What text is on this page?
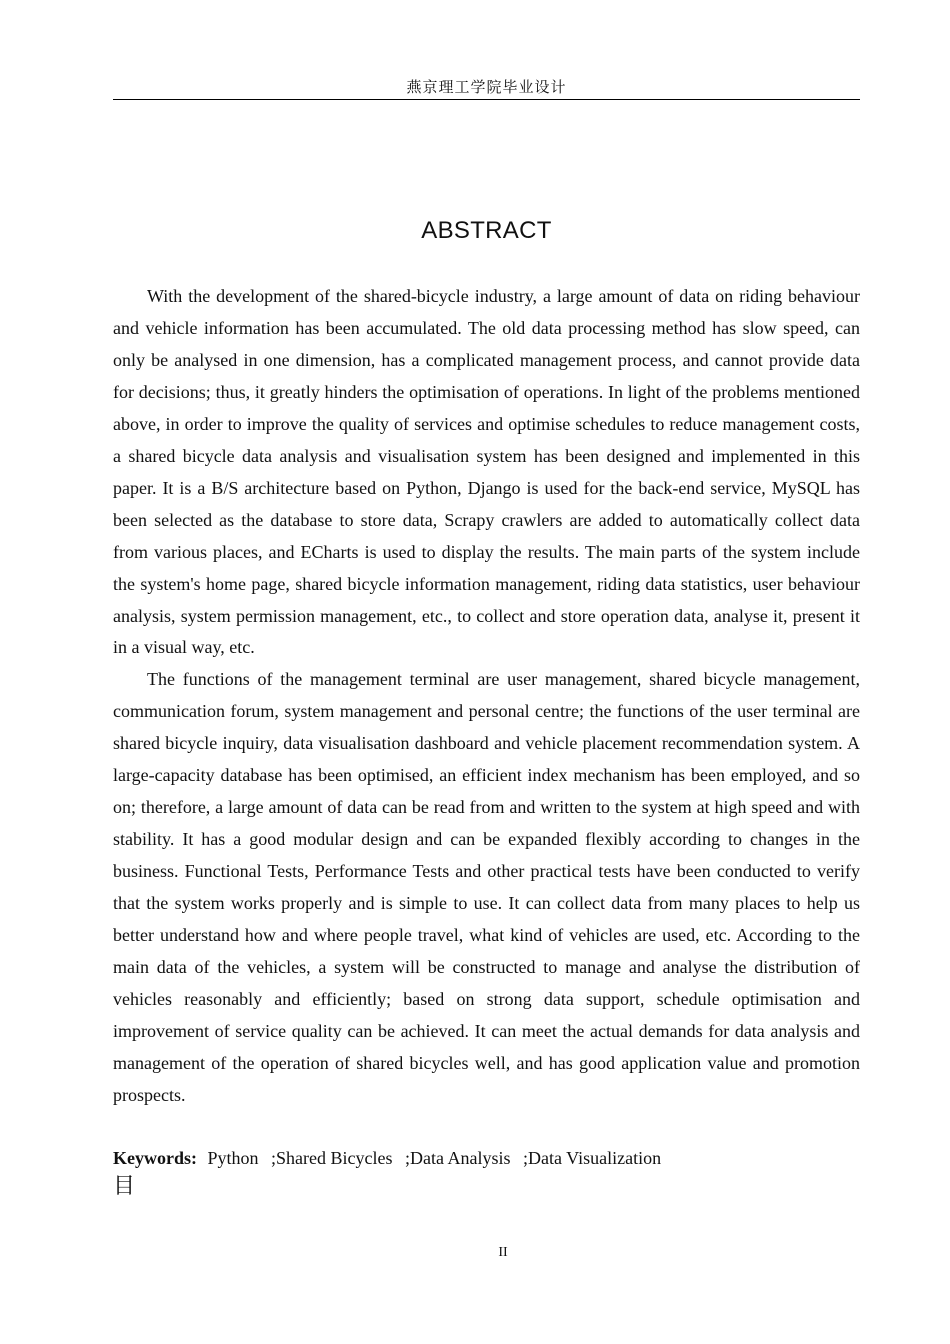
燕京理工学院毕业设计
ABSTRACT

With the development of the shared-bicycle industry, a large amount of data on riding behaviour and vehicle information has been accumulated. The old data processing method has slow speed, can only be analysed in one dimension, has a complicated management process, and cannot provide data for decisions; thus, it greatly hinders the optimisation of operations. In light of the problems mentioned above, in order to improve the quality of services and optimise schedules to reduce management costs, a shared bicycle data analysis and visualisation system has been designed and implemented in this paper. It is a B/S architecture based on Python, Django is used for the back-end service, MySQL has been selected as the database to store data, Scrapy crawlers are added to automatically collect data from various places, and ECharts is used to display the results. The main parts of the system include the system's home page, shared bicycle information management, riding data statistics, user behaviour analysis, system permission management, etc., to collect and store operation data, analyse it, present it in a visual way, etc.

The functions of the management terminal are user management, shared bicycle management, communication forum, system management and personal centre; the functions of the user terminal are shared bicycle inquiry, data visualisation dashboard and vehicle placement recommendation system. A large-capacity database has been optimised, an efficient index mechanism has been employed, and so on; therefore, a large amount of data can be read from and written to the system at high speed and with stability. It has a good modular design and can be expanded flexibly according to changes in the business. Functional Tests, Performance Tests and other practical tests have been conducted to verify that the system works properly and is simple to use. It can collect data from many places to help us better understand how and where people travel, what kind of vehicles are used, etc. According to the main data of the vehicles, a system will be constructed to manage and analyse the distribution of vehicles reasonably and efficiently; based on strong data support, schedule optimisation and improvement of service quality can be achieved. It can meet the actual demands for data analysis and management of the operation of shared bicycles well, and has good application value and promotion prospects.

Keywords: Python ;Shared Bicycles ;Data Analysis ;Data Visualization
目
II
